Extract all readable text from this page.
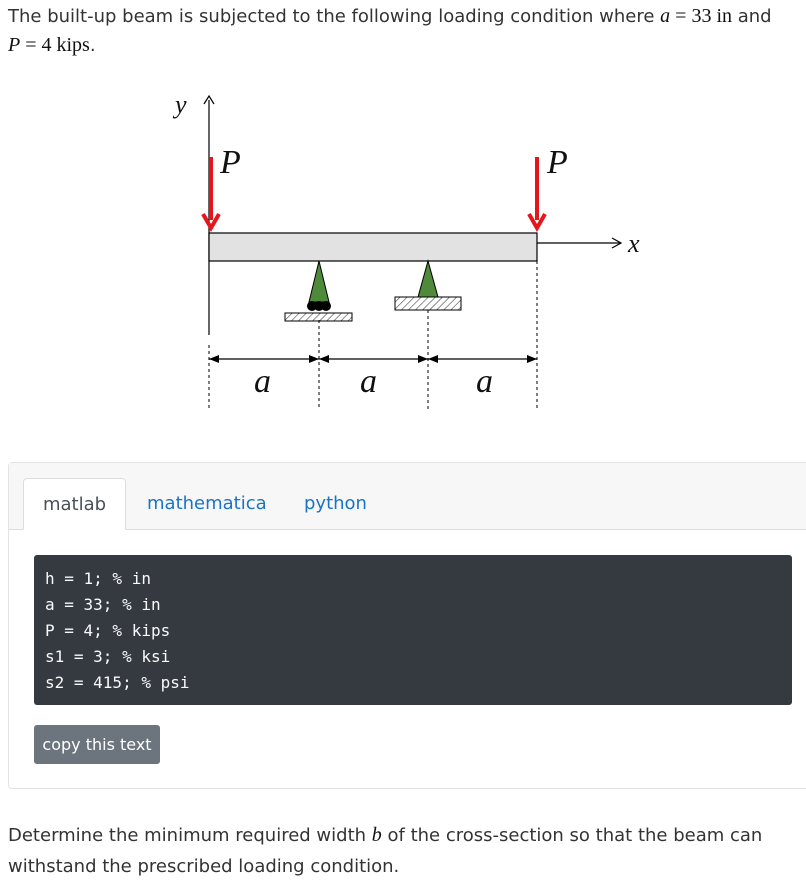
The built-up beam is subjected to the following loading condition where a = 33 in and
P = 4 kips.
y
x
P	P
a	a	a
matlab	mathematica python
h = 1; % in
a = 33; % in
P = 4; % kips
s1 = 3; % ksi
s2 = 415; % psi
copy this text
Determine the minimum required width b of the cross-section so that the beam can withstand the prescribed loading condition.
